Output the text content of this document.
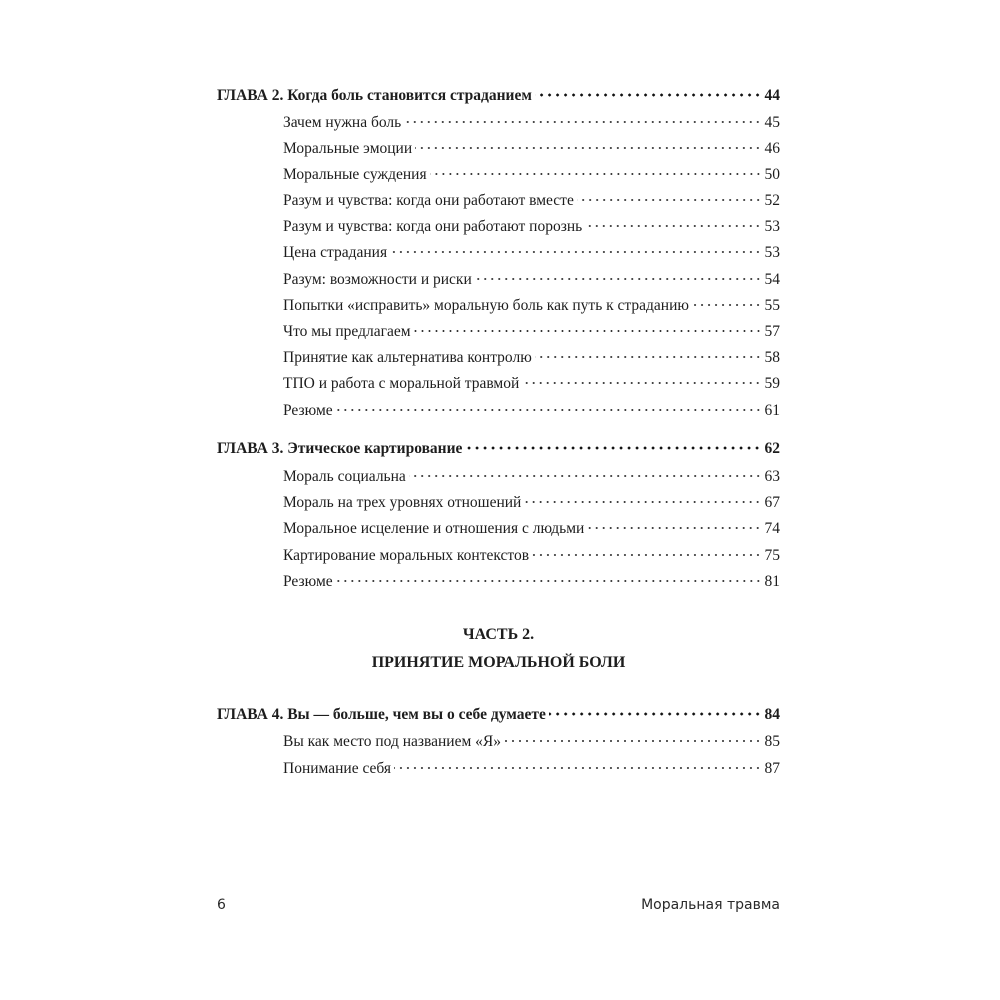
ГЛАВА 2. Когда боль становится страданием	44
Зачем нужна боль	45
Моральные эмоции	46
Моральные суждения	50
Разум и чувства: когда они работают вместе	52
Разум и чувства: когда они работают порознь	53
Цена страдания	53
Разум: возможности и риски	54
Попытки «исправить» моральную боль как путь к страданию	55
Что мы предлагаем	57
Принятие как альтернатива контролю	58
ТПО и работа с моральной травмой	59
Резюме	61
ГЛАВА 3. Этическое картирование	62
Мораль социальна	63
Мораль на трех уровнях отношений	67
Моральное исцеление и отношения с людьми	74
Картирование моральных контекстов	75
Резюме	81
ГЛАВА 4. Вы — больше, чем вы о себе думаете	84
Вы как место под названием «Я»	85
Понимание себя	87
ЧАСТЬ 2.
ПРИНЯТИЕ МОРАЛЬНОЙ БОЛИ
6	Моральная травма
